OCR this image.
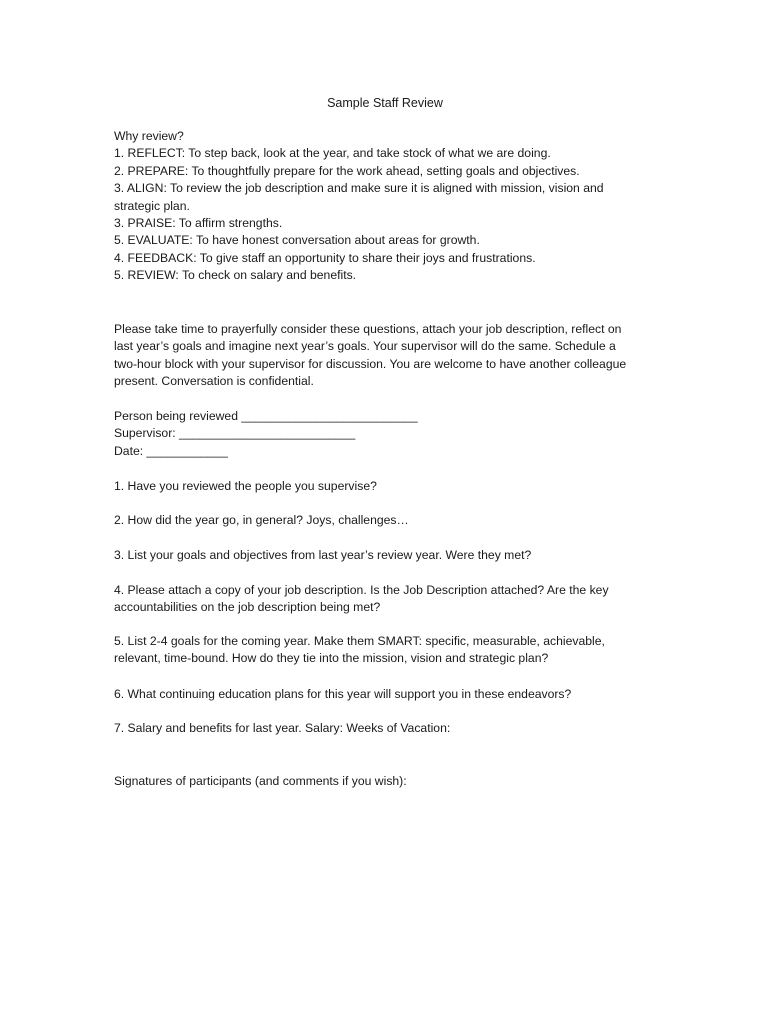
Sample Staff Review
Why review?
1. REFLECT: To step back, look at the year, and take stock of what we are doing.
2. PREPARE: To thoughtfully prepare for the work ahead, setting goals and objectives.
3. ALIGN: To review the job description and make sure it is aligned with mission, vision and
strategic plan.
3. PRAISE: To affirm strengths.
5. EVALUATE: To have honest conversation about areas for growth.
4. FEEDBACK: To give staff an opportunity to share their joys and frustrations.
5. REVIEW: To check on salary and benefits.
Please take time to prayerfully consider these questions, attach your job description, reflect on
last year’s goals and imagine next year’s goals. Your supervisor will do the same. Schedule a
two-hour block with your supervisor for discussion. You are welcome to have another colleague
present. Conversation is confidential.
Person being reviewed __________________________
Supervisor: __________________________
Date: ____________
1. Have you reviewed the people you supervise?
2. How did the year go, in general? Joys, challenges…
3. List your goals and objectives from last year’s review year. Were they met?
4. Please attach a copy of your job description. Is the Job Description attached? Are the key
accountabilities on the job description being met?
5. List 2-4 goals for the coming year. Make them SMART: specific, measurable, achievable,
relevant, time-bound. How do they tie into the mission, vision and strategic plan?
6. What continuing education plans for this year will support you in these endeavors?
7. Salary and benefits for last year. Salary: Weeks of Vacation:
Signatures of participants (and comments if you wish):
